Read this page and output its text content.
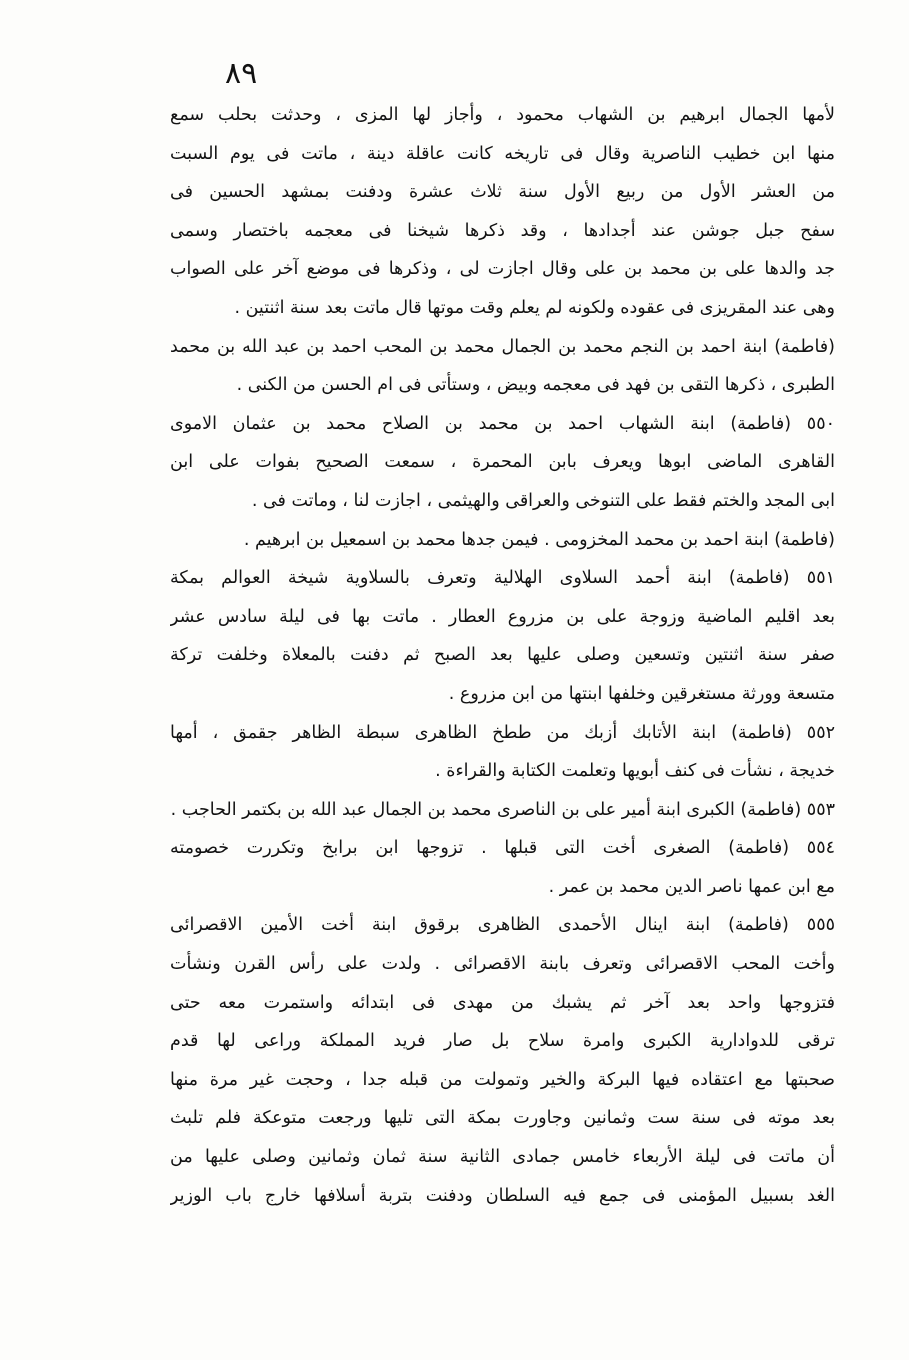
٨٩
لأمها الجمال ابرهيم بن الشهاب محمود ، وأجاز لها المزى ، وحدثت بحلب سمع
منها ابن خطيب الناصرية وقال فى تاريخه كانت عاقلة دينة ، ماتت فى يوم السبت
من العشر الأول من ربيع الأول سنة ثلاث عشرة ودفنت بمشهد الحسين فى
سفح جبل جوشن عند أجدادها ، وقد ذكرها شيخنا فى معجمه باختصار وسمى
جد والدها على بن محمد بن على وقال اجازت لى ، وذكرها فى موضع آخر على الصواب
وهى عند المقريزى فى عقوده ولكونه لم يعلم وقت موتها قال ماتت بعد سنة اثنتين .
(فاطمة) ابنة احمد بن النجم محمد بن الجمال محمد بن المحب احمد بن عبد الله بن محمد
الطبرى ، ذكرها التقى بن فهد فى معجمه وبيض ، وستأتى فى ام الحسن من الكنى .
٥٥٠ (فاطمة) ابنة الشهاب احمد بن محمد بن الصلاح محمد بن عثمان الاموى
القاهرى الماضى ابوها ويعرف بابن المحمرة ، سمعت الصحيح بفوات على ابن
ابى المجد والختم فقط على التنوخى والعراقى والهيثمى ، اجازت لنا ، وماتت فى .
(فاطمة) ابنة احمد بن محمد المخزومى . فيمن جدها محمد بن اسمعيل بن ابرهيم .
٥٥١ (فاطمة) ابنة أحمد السلاوى الهلالية وتعرف بالسلاوية شيخة العوالم بمكة
بعد اقليم الماضية وزوجة على بن مزروع العطار . ماتت بها فى ليلة سادس عشر
صفر سنة اثنتين وتسعين وصلى عليها بعد الصبح ثم دفنت بالمعلاة وخلفت تركة
متسعة وورثة مستغرقين وخلفها ابنتها من ابن مزروع .
٥٥٢ (فاطمة) ابنة الأتابك أزبك من ططخ الظاهرى سبطة الظاهر جقمق ، أمها
خديجة ، نشأت فى كنف أبويها وتعلمت الكتابة والقراءة .
٥٥٣ (فاطمة) الكبرى ابنة أمير على بن الناصرى محمد بن الجمال عبد الله بن بكتمر الحاجب .
٥٥٤ (فاطمة) الصغرى أخت التى قبلها . تزوجها ابن برابخ وتكررت خصومته
مع ابن عمها ناصر الدين محمد بن عمر .
٥٥٥ (فاطمة) ابنة اينال الأحمدى الظاهرى برقوق ابنة أخت الأمين الاقصرائى
وأخت المحب الاقصرائى وتعرف بابنة الاقصرائى . ولدت على رأس القرن ونشأت
فتزوجها واحد بعد آخر ثم يشبك من مهدى فى ابتدائه واستمرت معه حتى
ترقى للدوادارية الكبرى وامرة سلاح بل صار فريد المملكة وراعى لها قدم
صحبتها مع اعتقاده فيها البركة والخير وتمولت من قبله جدا ، وحجت غير مرة منها
بعد موته فى سنة ست وثمانين وجاورت بمكة التى تليها ورجعت متوعكة فلم تلبث
أن ماتت فى ليلة الأربعاء خامس جمادى الثانية سنة ثمان وثمانين وصلى عليها من
الغد بسبيل المؤمنى فى جمع فيه السلطان ودفنت بتربة أسلافها خارج باب الوزير
